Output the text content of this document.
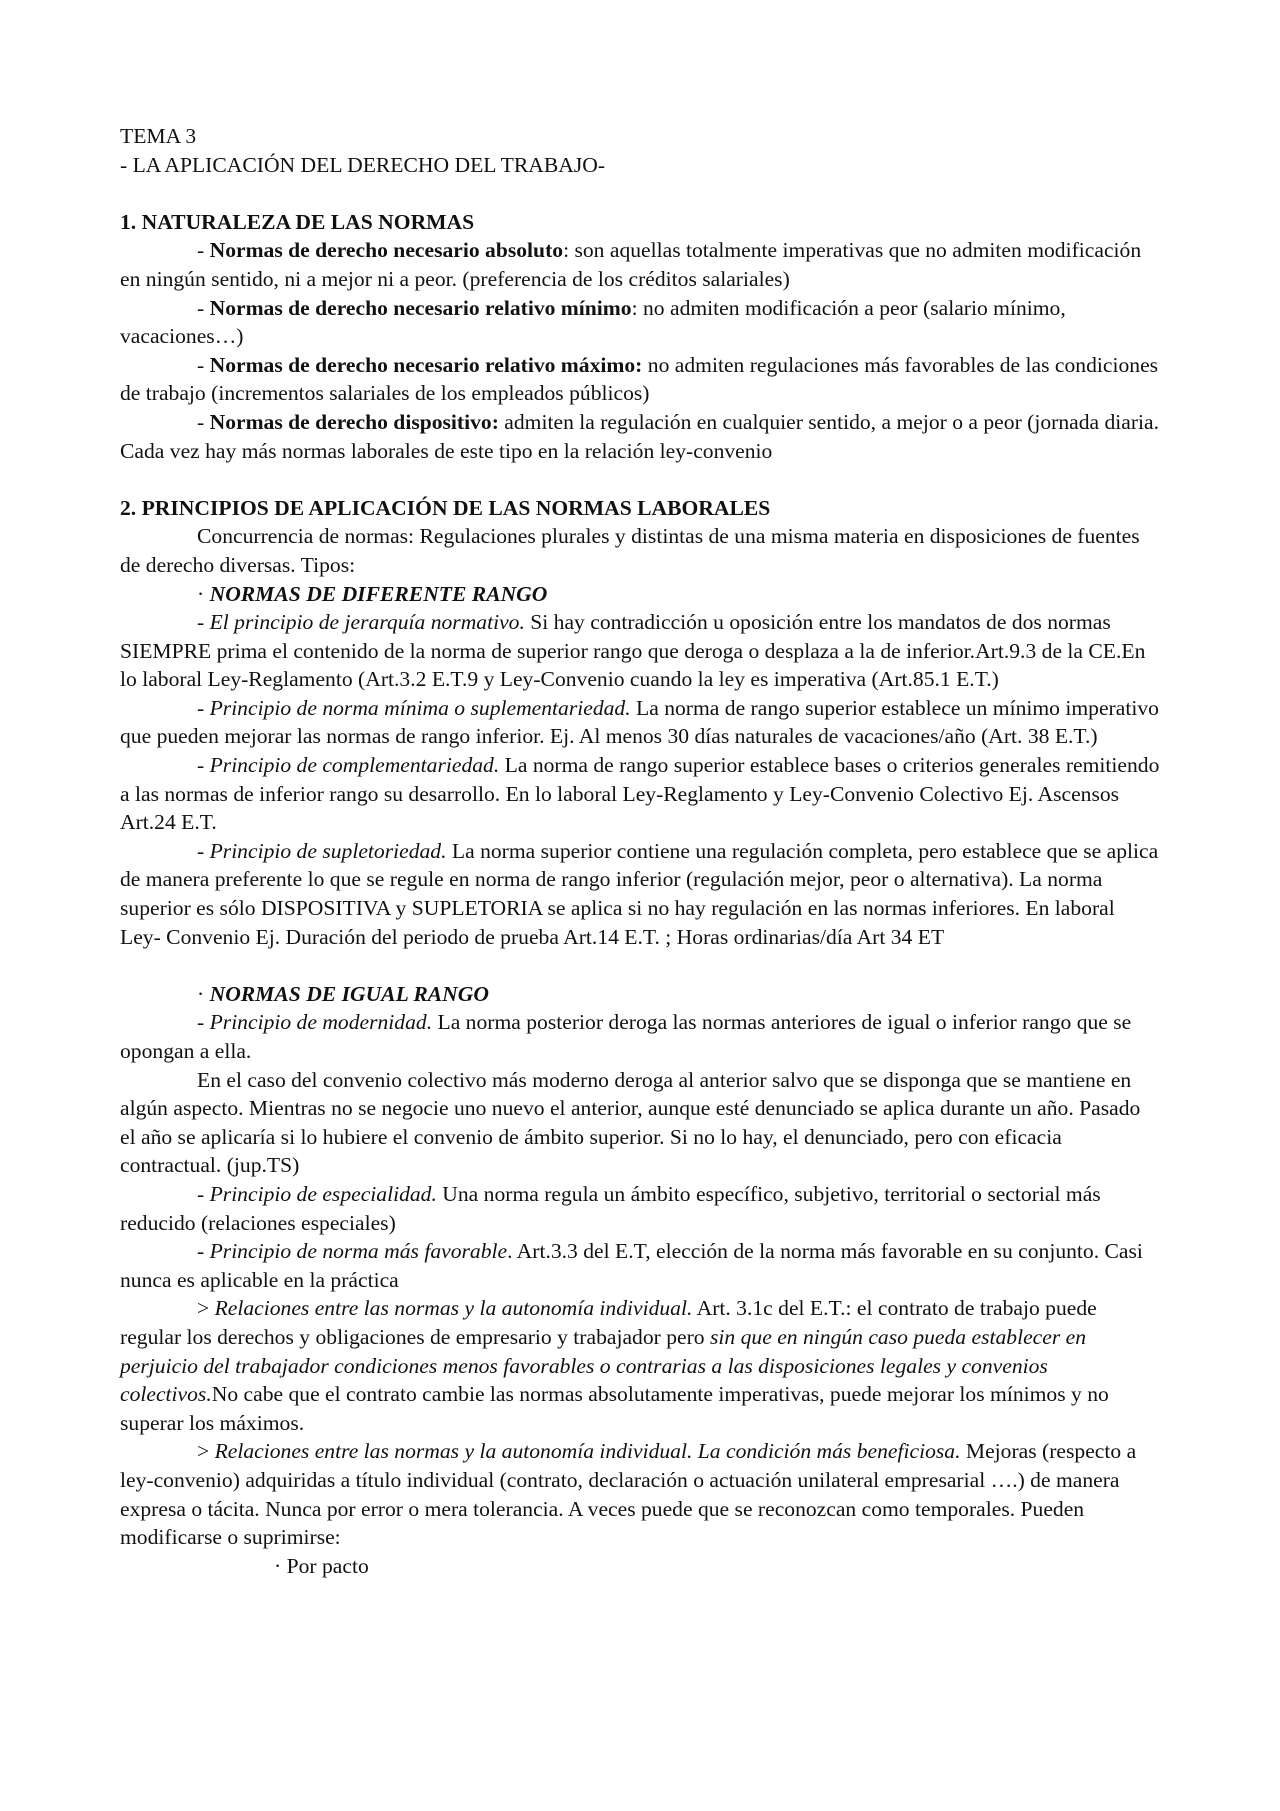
TEMA 3

- LA APLICACIÓN DEL DERECHO DEL TRABAJO-

1. NATURALEZA DE LAS NORMAS

- Normas de derecho necesario absoluto: son aquellas totalmente imperativas que no admiten modificación en ningún sentido, ni a mejor ni a peor. (preferencia de los créditos salariales)

- Normas de derecho necesario relativo mínimo: no admiten modificación a peor (salario mínimo, vacaciones…)

- Normas de derecho necesario relativo máximo: no admiten regulaciones más favorables de las condiciones de trabajo (incrementos salariales de los empleados públicos)

- Normas de derecho dispositivo: admiten la regulación en cualquier sentido, a mejor o a peor (jornada diaria. Cada vez hay más normas laborales de este tipo en la relación ley-convenio

2. PRINCIPIOS DE APLICACIÓN DE LAS NORMAS LABORALES

Concurrencia de normas: Regulaciones plurales y distintas de una misma materia en disposiciones de fuentes de derecho diversas. Tipos:

· NORMAS DE DIFERENTE RANGO

- El principio de jerarquía normativo. Si hay contradicción u oposición entre los mandatos de dos normas SIEMPRE prima el contenido de la norma de superior rango que deroga o desplaza a la de inferior.Art.9.3 de la CE.En lo laboral Ley-Reglamento (Art.3.2 E.T.9 y Ley-Convenio cuando la ley es imperativa (Art.85.1 E.T.)

- Principio de norma mínima o suplementariedad. La norma de rango superior establece un mínimo imperativo que pueden mejorar las normas de rango inferior. Ej. Al menos 30 días naturales de vacaciones/año (Art. 38 E.T.)

- Principio de complementariedad. La norma de rango superior establece bases o criterios generales remitiendo a las normas de inferior rango su desarrollo. En lo laboral Ley-Reglamento y Ley-Convenio Colectivo Ej. Ascensos Art.24 E.T.

- Principio de supletoriedad. La norma superior contiene una regulación completa, pero establece que se aplica de manera preferente lo que se regule en norma de rango inferior (regulación mejor, peor o alternativa). La norma superior es sólo DISPOSITIVA y SUPLETORIA se aplica si no hay regulación en las normas inferiores. En laboral Ley- Convenio Ej. Duración del periodo de prueba Art.14 E.T. ; Horas ordinarias/día Art 34 ET

· NORMAS DE IGUAL RANGO

- Principio de modernidad. La norma posterior deroga las normas anteriores de igual o inferior rango que se opongan a ella.

En el caso del convenio colectivo más moderno deroga al anterior salvo que se disponga que se mantiene en algún aspecto. Mientras no se negocie uno nuevo el anterior, aunque esté denunciado se aplica durante un año. Pasado el año se aplicaría si lo hubiere el convenio de ámbito superior. Si no lo hay, el denunciado, pero con eficacia contractual. (jup.TS)

- Principio de especialidad. Una norma regula un ámbito específico, subjetivo, territorial o sectorial más reducido (relaciones especiales)

- Principio de norma más favorable. Art.3.3 del E.T, elección de la norma más favorable en su conjunto. Casi nunca es aplicable en la práctica

> Relaciones entre las normas y la autonomía individual. Art. 3.1c del E.T.: el contrato de trabajo puede regular los derechos y obligaciones de empresario y trabajador pero sin que en ningún caso pueda establecer en perjuicio del trabajador condiciones menos favorables o contrarias a las disposiciones legales y convenios colectivos.No cabe que el contrato cambie las normas absolutamente imperativas, puede mejorar los mínimos y no superar los máximos.

> Relaciones entre las normas y la autonomía individual. La condición más beneficiosa. Mejoras (respecto a ley-convenio) adquiridas a título individual (contrato, declaración o actuación unilateral empresarial ….) de manera expresa o tácita. Nunca por error o mera tolerancia. A veces puede que se reconozcan como temporales. Pueden modificarse o suprimirse:

· Por pacto
